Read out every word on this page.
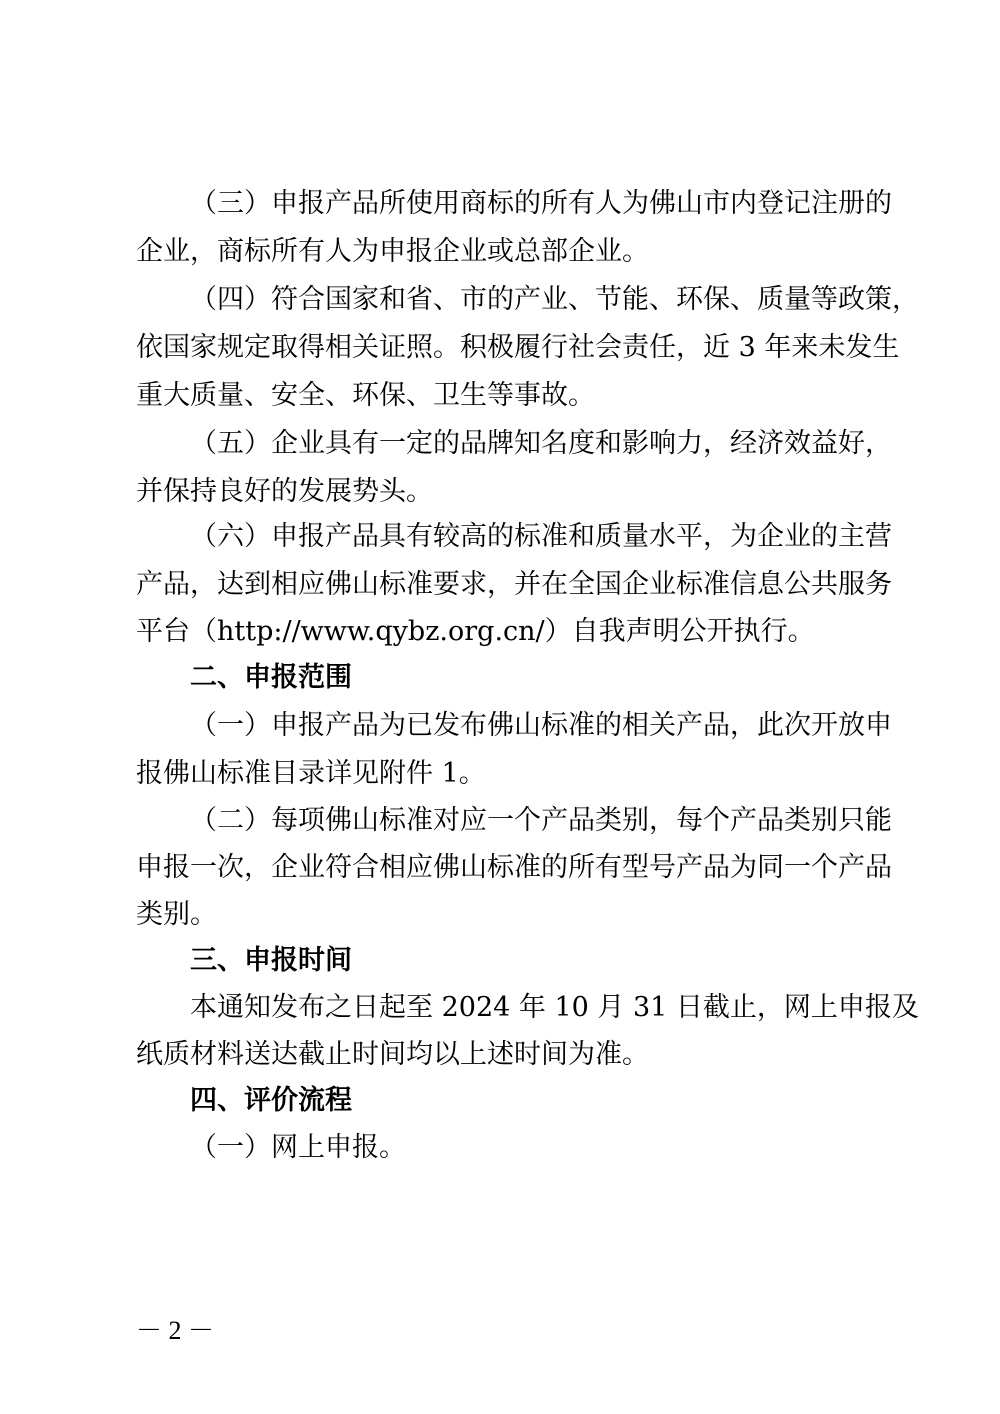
（三）申报产品所使用商标的所有人为佛山市内登记注册的
企业，商标所有人为申报企业或总部企业。
（四）符合国家和省、市的产业、节能、环保、质量等政策，
依国家规定取得相关证照。积极履行社会责任，近 3 年来未发生
重大质量、安全、环保、卫生等事故。
（五）企业具有一定的品牌知名度和影响力，经济效益好，
并保持良好的发展势头。
（六）申报产品具有较高的标准和质量水平，为企业的主营
产品，达到相应佛山标准要求，并在全国企业标准信息公共服务
平台（http://www.qybz.org.cn/）自我声明公开执行。
二、申报范围
（一）申报产品为已发布佛山标准的相关产品，此次开放申
报佛山标准目录详见附件 1。
（二）每项佛山标准对应一个产品类别，每个产品类别只能
申报一次，企业符合相应佛山标准的所有型号产品为同一个产品
类别。
三、申报时间
本通知发布之日起至 2024 年 10 月 31 日截止，网上申报及
纸质材料送达截止时间均以上述时间为准。
四、评价流程
（一）网上申报。
－ 2 －
